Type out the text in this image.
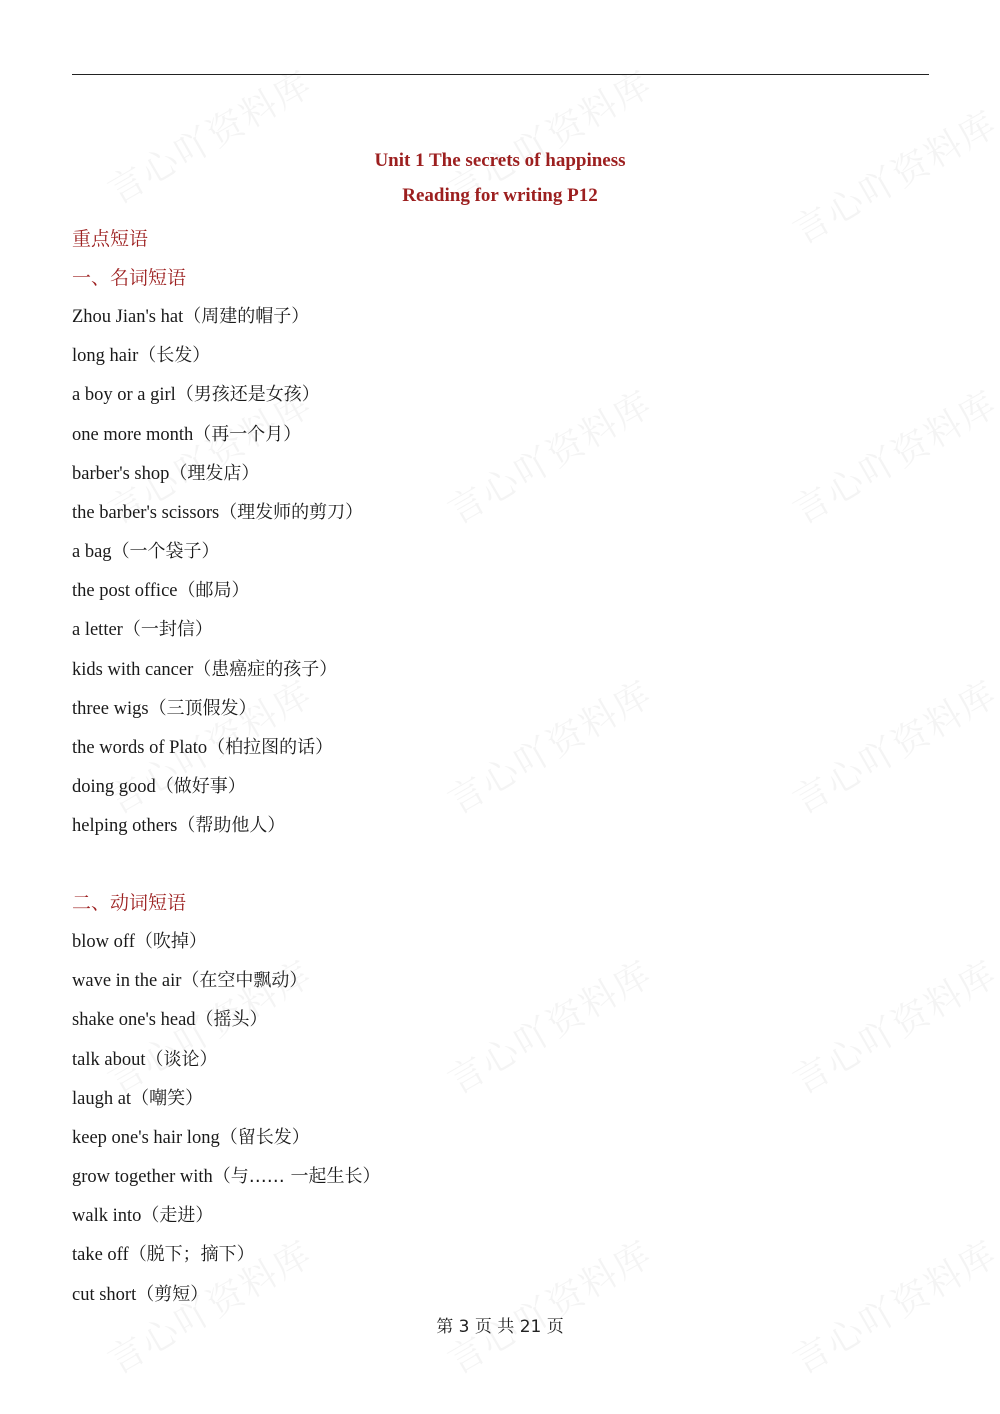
Unit 1 The secrets of happiness
Reading for writing P12
重点短语
一、名词短语
Zhou Jian's hat（周建的帽子）
long hair（长发）
a boy or a girl（男孩还是女孩）
one more month（再一个月）
barber's shop（理发店）
the barber's scissors（理发师的剪刀）
a bag（一个袋子）
the post office（邮局）
a letter（一封信）
kids with cancer（患癌症的孩子）
three wigs（三顶假发）
the words of Plato（柏拉图的话）
doing good（做好事）
helping others（帮助他人）
二、动词短语
blow off（吹掉）
wave in the air（在空中飘动）
shake one's head（摇头）
talk about（谈论）
laugh at（嘲笑）
keep one's hair long（留长发）
grow together with（与…… 一起生长）
walk into（走进）
take off（脱下；摘下）
cut short（剪短）
第 3 页 共 21 页
